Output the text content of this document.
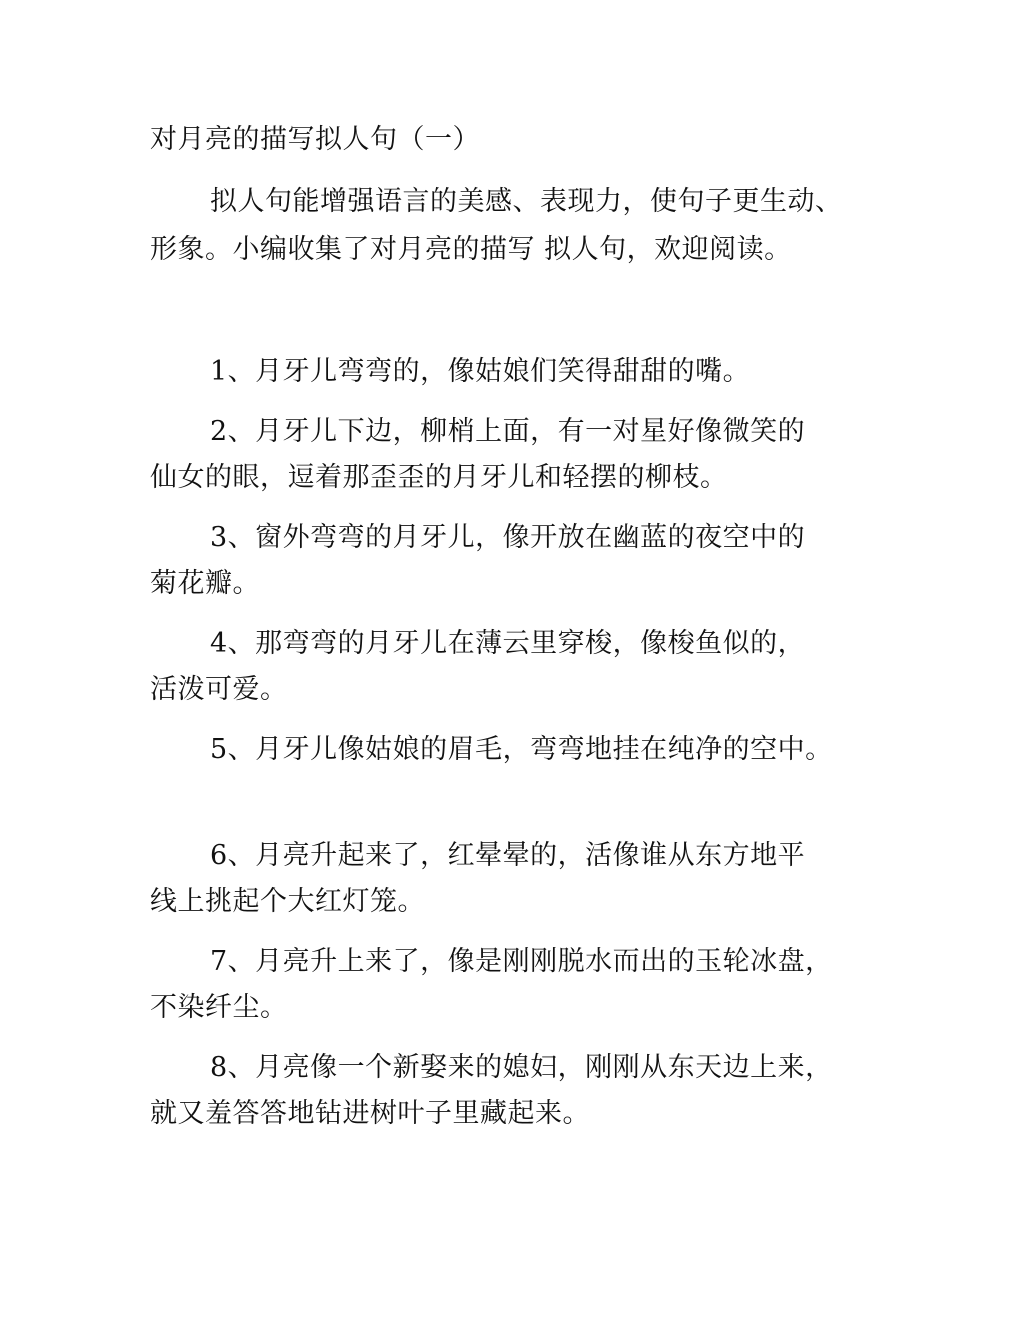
对月亮的描写拟人句（一）
拟人句能增强语言的美感、表现力，使句子更生动、
形象。小编收集了对月亮的描写 拟人句，欢迎阅读。
1、月牙儿弯弯的，像姑娘们笑得甜甜的嘴。
2、月牙儿下边，柳梢上面，有一对星好像微笑的
仙女的眼，逗着那歪歪的月牙儿和轻摆的柳枝。
3、窗外弯弯的月牙儿，像开放在幽蓝的夜空中的
菊花瓣。
4、那弯弯的月牙儿在薄云里穿梭，像梭鱼似的，
活泼可爱。
5、月牙儿像姑娘的眉毛，弯弯地挂在纯净的空中。
6、月亮升起来了，红晕晕的，活像谁从东方地平
线上挑起个大红灯笼。
7、月亮升上来了，像是刚刚脱水而出的玉轮冰盘，
不染纤尘。
8、月亮像一个新娶来的媳妇，刚刚从东天边上来，
就又羞答答地钻进树叶子里藏起来。
